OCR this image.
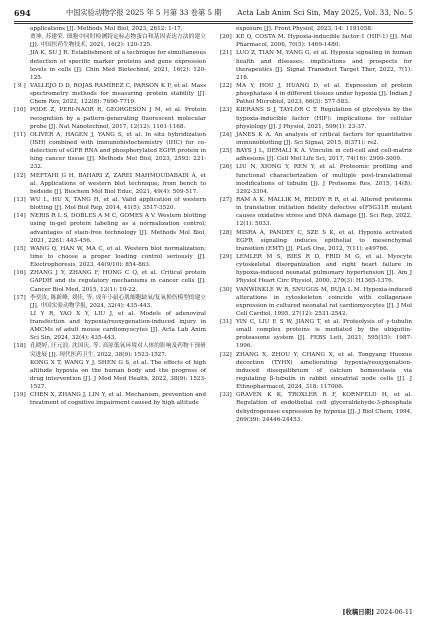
694	中国实验动物学报 2025 年 5 月第 33 卷第 5 期 Acta Lab Anim Sci Sin, May 2025, Vol. 33, No. 5

applications [J]. Methods Mol Biol, 2023, 2612: 1-17.

贾坤, 苏建荣. 细胞中同时检测特定标志物蛋白和基因表达方法的建立 [J]. 中国医药生物技术, 2021, 16(2): 120-125.

JIA K, SU J R. Establishment of a technique for simultaneous detection of specific marker proteins and gene expression levels in cells [J]. Chin Med Biotechnol, 2021, 16(2): 120-125.

[ 9 ] VALLEJO D D, ROJAS RAMÍREZ C, PARSON K F, et al. Mass spectrometry methods for measuring protein stability [J]. Chem Rev, 2022, 122(8): 7690-7719.

[10] PODE Z, PERI-NAOR R, GEORGESON J M, et al. Protein recognition by a pattern-generating fluorescent molecular probe [J]. Nat Nanotechnol, 2017, 12(12): 1161-1168.

[11] OLIVER A, HAGEN J, YANG S, et al. In situ hybridization (ISH) combined with immunohistochemistry (IHC) for co-detection of eGFR RNA and phosphorylated EGFR protein in lung cancer tissue [J]. Methods Mol Biol, 2023, 2593: 221-232.

[12] MEFTAHI G H, BAHARI Z, ZAREI MAHMOUDABADI A, et al. Applications of western blot technique; from bench to bedside [J]. Biochem Mol Biol Educ, 2021, 49(4): 509-517.

[13] WU L, HU X, TANG H, et al. Valid application of western blotting [J]. Mol Biol Rep, 2014, 41(5): 3517-3520.

[14] NERIS R L S, DOBLES A M C, GOMES A V. Western blotting using in-gel protein labeling as a normalization control; advantages of stain-free technology [J]. Methods Mol Biol, 2021, 2261: 443-456.

[15] WANG Q, HAN W, MA C, et al. Western blot normalization; time to choose a proper loading control seriously [J]. Electrophoresis, 2023, 44(9/10): 854-863.

[16] ZHANG J Y, ZHANG F, HONG C Q, et al. Critical protein GAPDH and its regulatory mechanisms in cancer cells [J]. Cancer Biol Med, 2015, 12(1): 10-22.

[17] 李奕汝, 陈新峰, 刘佳, 等. 成年小鼠心肌细胞缺氧/复氧损伤模型的建立 [J]. 中国实验动物学报, 2024, 32(4): 435-443.

LI Y R, YAO X Y, LIU J, et al. Models of adenoviral transfection and hypoxia/reoxygenation-induced injury in AMCMs of adult mouse cardiomyocytes [J]. Acta Lab Anim Sci Sin, 2024, 32(4): 435-443.

[18] 孔晓婷, 汪元浪, 沈国庆, 等. 高原低氧环境对人体的影响及药物干预研究进展 [J]. 现代医药卫生, 2022, 38(9): 1523-1527.

KONG X T, WANG Y J, SHEN G S, et al. The effects of high altitude hypoxia on the human body and the progress of drug intervention [J]. J Mod Med Health, 2022, 38(9): 1523-1527.

[19] CHEN X, ZHANG J, LIN Y, et al. Mechanism, prevention and treatment of cognitive impairment caused by high altitude

exposure [J]. Front Physiol, 2023, 14: 1191058.

[20] KE Q, COSTA M. Hypoxia-inducible factor-1 (HIF-1) [J]. Mol Pharmacol, 2006, 70(5): 1469-1480.

[21] LUO Z, TIAN M, YANG G, et al. Hypoxia signaling in human health and diseases; implications and prospects for therapeutics [J]. Signal Transduct Target Ther, 2022, 7(1): 218.

[22] MA Y, HOU J, HUANG D, et al. Expression of protein phosphatase 4 in different tissues under hypoxia [J]. Indian J Pathol Microbiol, 2023, 66(3): 577-583.

[23] KIERANS S J, TAYLOR C T. Regulation of glycolysis by the hypoxia-inducible factor (HIF): implications for cellular physiology [J]. J Physiol, 2021, 599(1): 23-37.

[24] JANES K A. An analysis of critical factors for quantitative immunoblotting [J]. Sci Signal, 2015, 8(371): rs2.

[25] BAYS J L, DEMALI K A. Vinculin in cell-cell and cell-matrix adhesions [J]. Cell Mol Life Sci, 2017, 74(16): 2999-3009.

[26] LIU N, XIONG Y, REN Y, et al. Proteomic profiling and functional characterization of multiple post-translational modifications of tubulin [J]. J Proteome Res, 2015, 14(8): 3292-3304.

[27] RAM A K, MALLIK M, REDDY R R, et al. Altered proteome in translation initiation fidelity defective eIF5G31R mutant causes oxidative stress and DNA damage [J]. Sci Rep, 2022, 12(1): 5033.

[28] MISRA A, PANDEY C, SZE S K, et al. Hypoxia activated EGFR signaling induces epithelial to mesenchymal transition (EMT) [J]. PLoS One, 2012, 7(11): e49766.

[29] LEMLER M S, BIES R D, FRID M G, et al. Myocyte cytoskeletal disorganization and right heart failure in hypoxia-induced neonatal pulmonary hypertension [J]. Am J Physiol Heart Circ Physiol, 2000, 279(3): H1365-1376.

[30] VANWINKLE W B, SNUGGS M, BUJA L M. Hypoxia-induced alterations in cytoskeleton coincide with collagenase expression in cultured neonatal rat cardiomyocytes [J]. J Mol Cell Cardiol, 1995, 27(12): 2531-2542.

[31] YIN C, LIU E S W, JIANG T, et al. Proteolysis of γ-tubulin small complex proteins is mediated by the ubiquitin-proteasome system [J]. FEBS Lett, 2021, 595(15): 1987-1996.

[32] ZHANG X, ZHOU Y, CHANG X, et al. Tongyang Huoxue decoction (TYHX) ameliorating hypoxia/reoxygenation-induced disequilibrium of calcium homeostasis via regulating β-tubulin in rabbit sinoatrial node cells [J]. J Ethnopharmacol, 2024, 318: 117006.

[33] GRAVEN K K, TROXLER R F, KORNFELD H, et al. Regulation of endothelial cell glyceraldehyde-3-phosphate dehydrogenase expression by hypoxia [J]. J Biol Chem, 1994, 269(39): 24446-24453.

[收稿日期] 2024-06-11
